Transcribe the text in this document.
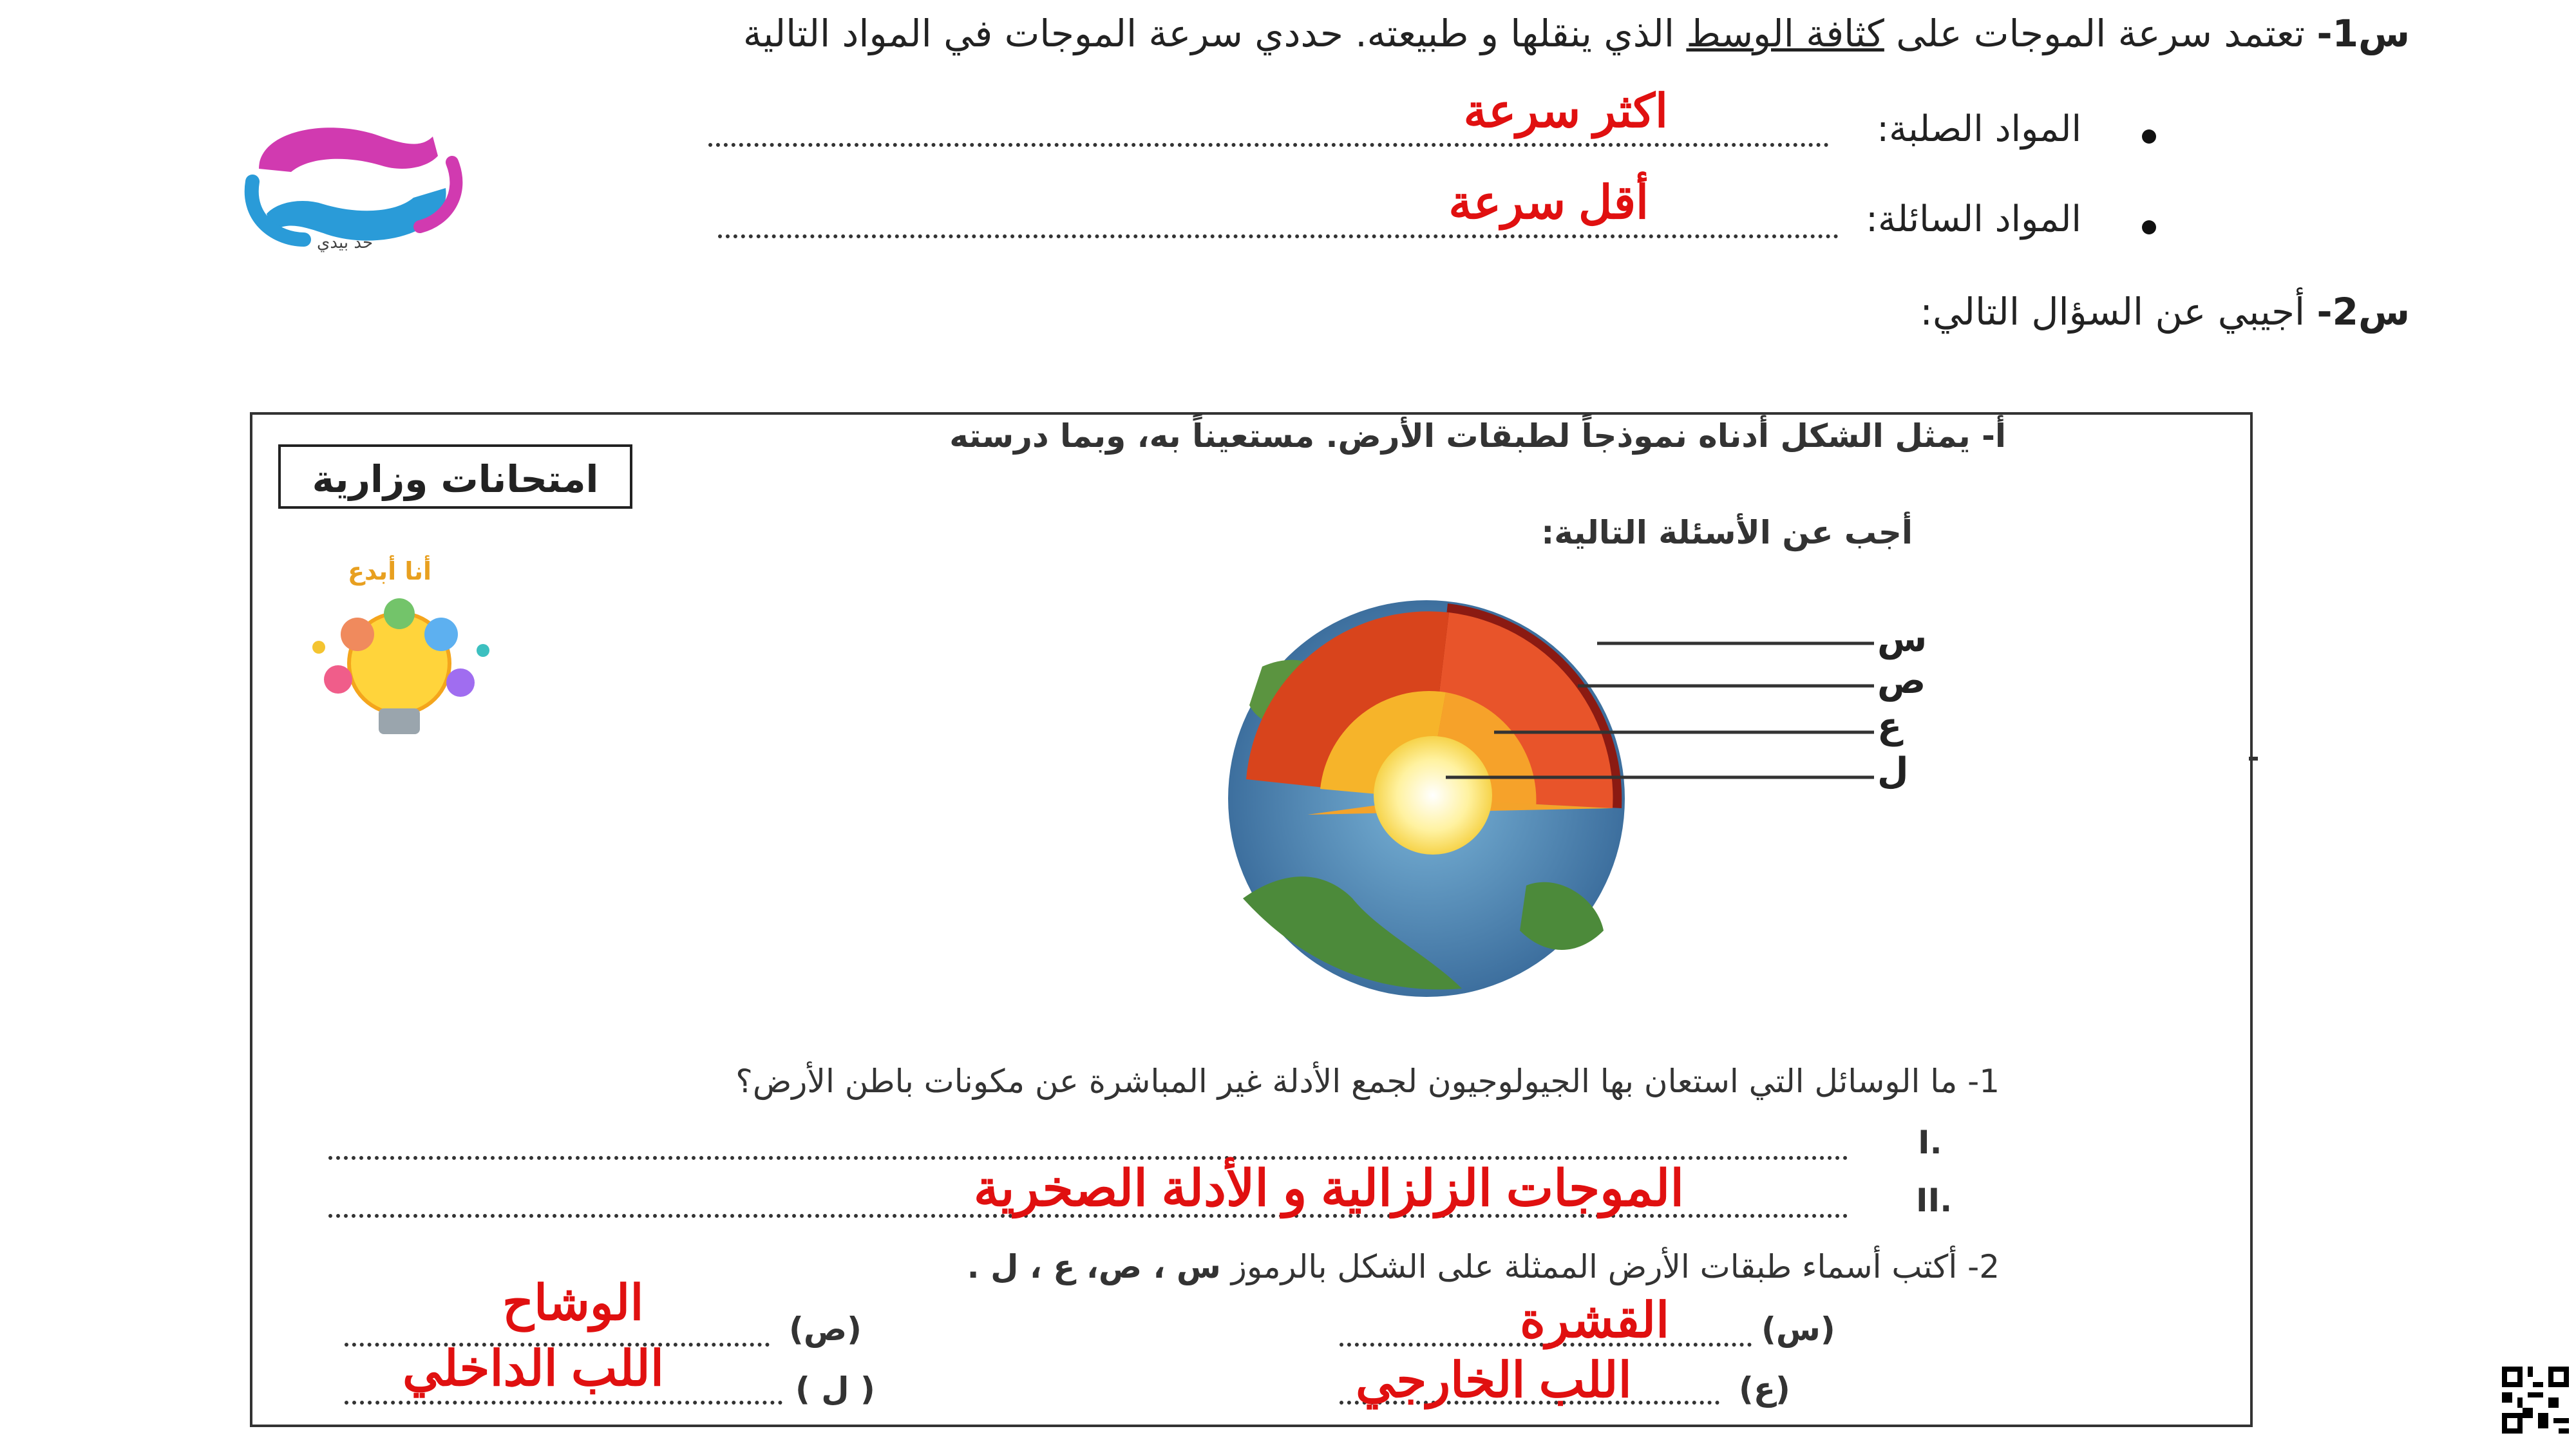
س1- تعتمد سرعة الموجات على كثافة الوسط الذي ينقلها و طبيعته. حددي سرعة الموجات في المواد التالية
المواد الصلبة:
اكثر سرعة
المواد السائلة:
أقل سرعة
حد بيدي
س2- أجيبي عن السؤال التالي:
امتحانات وزارية
أنا أبدع
أ- يمثل الشكل أدناه نموذجاً لطبقات الأرض. مستعيناً به، وبما درسته
أجب عن الأسئلة التالية:
س
ص
ع
ل
1- ما الوسائل التي استعان بها الجيولوجيون لجمع الأدلة غير المباشرة عن مكونات باطن الأرض؟
I.
II.
الموجات الزلزالية و الأدلة الصخرية
2- أكتب أسماء طبقات الأرض الممثلة على الشكل بالرموز س ، ص، ع ، ل .
(س)
القشرة
(ص)
الوشاح
(ع)
اللب الخارجي
( ل )
اللب الداخلي
